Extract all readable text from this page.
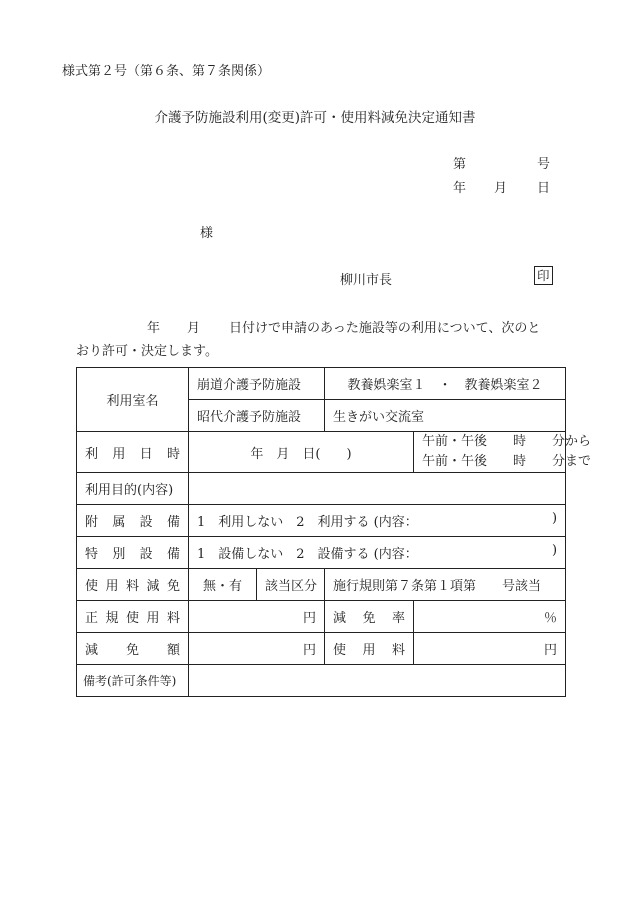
様式第２号（第６条、第７条関係）
介護予防施設利用(変更)許可・使用料減免決定通知書
第	号
年 月 日
様
柳川市長	印
年 月 日付けで申請のあった施設等の利用について、次のと
おり許可・決定します。
利用室名	崩道介護予防施設		教養娯楽室１　・　教養娯楽室２	
	昭代介護予防施設		生きがい交流室	
利用日時	年　月　日(　　)			午前・午後　　時　　分から
午前・午後　　時　　分まで

利用目的(内容)				
附属設備	1　利用しない　2　利用する (内容： )			

特別設備	1　設備しない　2　設備する (内容： )			

使用料減免	無・有	該当区分	施行規則第７条第１項第　　号該当	
正規使用料	円		減免率	％
減免額	円		使用料	円
備考(許可条件等)				
